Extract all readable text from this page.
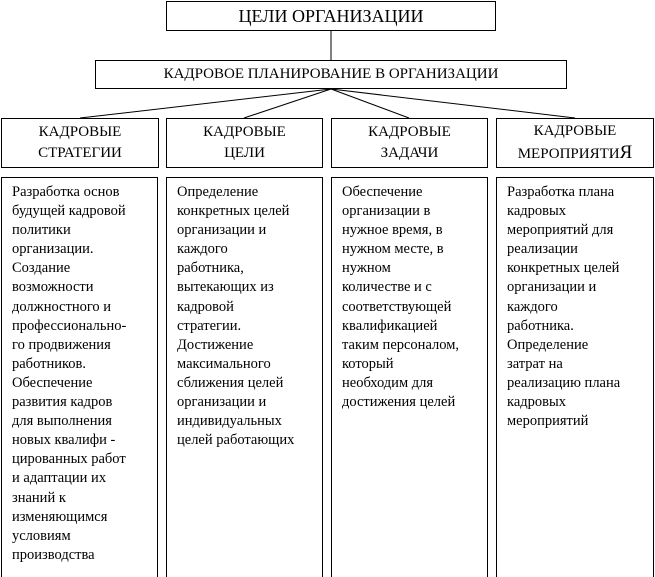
ЦЕЛИ ОРГАНИЗАЦИИ
КАДРОВОЕ ПЛАНИРОВАНИЕ В ОРГАНИЗАЦИИ
КАДРОВЫЕ
СТРАТЕГИИ
КАДРОВЫЕ
ЦЕЛИ
КАДРОВЫЕ
ЗАДАЧИ
КАДРОВЫЕ
МЕРОПРИЯТИЯ
Разработка основ
будущей кадровой
политики
организации.
Создание
возможности
должностного и
профессионально-
го продвижения
работников.
Обеспечение
развития кадров
для выполнения
новых квалифи -
цированных работ
и адаптации их
знаний к
изменяющимся
условиям
производства
Определение
конкретных целей
организации и
каждого
работника,
вытекающих из
кадровой
стратегии.
Достижение
максимального
сближения целей
организации и
индивидуальных
целей работающих
Обеспечение
организации в
нужное время, в
нужном месте, в
нужном
количестве и с
соответствующей
квалификацией
таким персоналом,
который
необходим для
достижения целей
Разработка плана
кадровых
мероприятий для
реализации
конкретных целей
организации и
каждого
работника.
Определение
затрат на
реализацию плана
кадровых
мероприятий
